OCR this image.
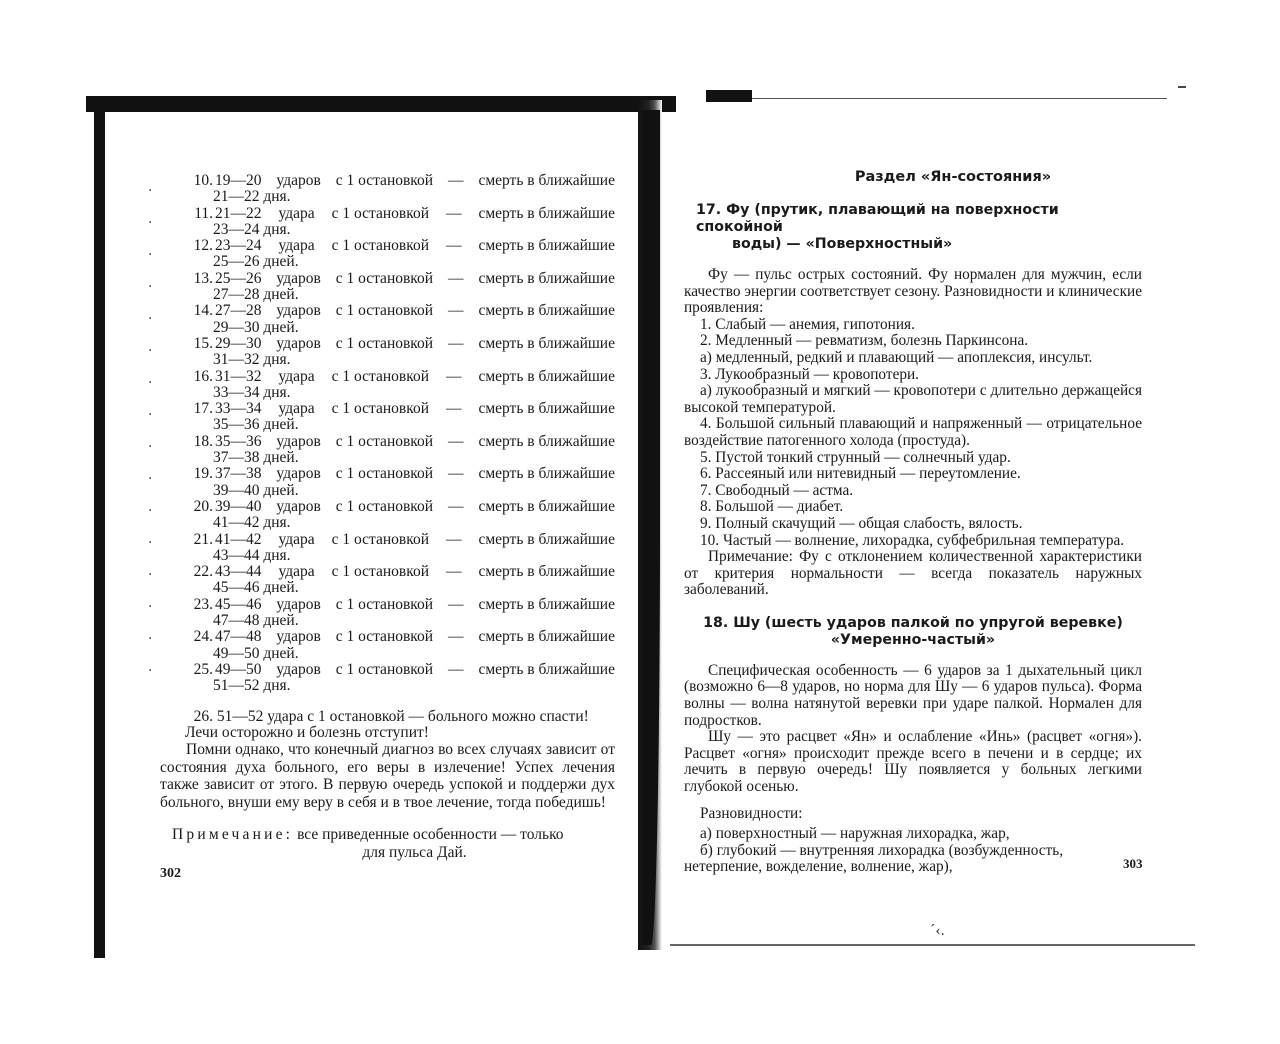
·
·
·
·
·
·
·
·
·
·
·
·
·
·
·
·
10. 19—20 ударов с 1 остановкой — смерть в ближайшие
21—22 дня.
11. 21—22 удара с 1 остановкой — смерть в ближайшие
23—24 дня.
12. 23—24 удара с 1 остановкой — смерть в ближайшие
25—26 дней.
13. 25—26 ударов с 1 остановкой — смерть в ближайшие
27—28 дней.
14. 27—28 ударов с 1 остановкой — смерть в ближайшие
29—30 дней.
15. 29—30 ударов с 1 остановкой — смерть в ближайшие
31—32 дня.
16. 31—32 удара с 1 остановкой — смерть в ближайшие
33—34 дня.
17. 33—34 удара с 1 остановкой — смерть в ближайшие
35—36 дней.
18. 35—36 ударов с 1 остановкой — смерть в ближайшие
37—38 дней.
19. 37—38 ударов с 1 остановкой — смерть в ближайшие
39—40 дней.
20. 39—40 ударов с 1 остановкой — смерть в ближайшие
41—42 дня.
21. 41—42 удара с 1 остановкой — смерть в ближайшие
43—44 дня.
22. 43—44 удара с 1 остановкой — смерть в ближайшие
45—46 дней.
23. 45—46 ударов с 1 остановкой — смерть в ближайшие
47—48 дней.
24. 47—48 ударов с 1 остановкой — смерть в ближайшие
49—50 дней.
25. 49—50 ударов с 1 остановкой — смерть в ближайшие
51—52 дня.
26. 51—52 удара с 1 остановкой — больного можно спасти! Лечи осторожно и болезнь отступит!
Помни однако, что конечный диагноз во всех случаях зависит от состояния духа больного, его веры в излечение! Успех лечения также зависит от этого. В первую очередь успокой и поддержи дух больного, внуши ему веру в себя и в твое лечение, тогда победишь!
Примечание: все приведенные особенности — только
для пульса Дай.
302
Раздел «Ян-состояния»
17. Фу (прутик, плавающий на поверхности спокойной
воды) — «Поверхностный»
Фу — пульс острых состояний. Фу нормален для мужчин, если качество энергии соответствует сезону. Разновидности и клинические проявления:
1. Слабый — анемия, гипотония.
2. Медленный — ревматизм, болезнь Паркинсона.
а) медленный, редкий и плавающий — апоплексия, инсульт.
3. Лукообразный — кровопотери.
а) лукообразный и мягкий — кровопотери с длительно держащейся высокой температурой.
4. Большой сильный плавающий и напряженный — отрицательное воздействие патогенного холода (простуда).
5. Пустой тонкий струнный — солнечный удар.
6. Рассеяный или нитевидный — переутомление.
7. Свободный — астма.
8. Большой — диабет.
9. Полный скачущий — общая слабость, вялость.
10. Частый — волнение, лихорадка, субфебрильная температура.
Примечание: Фу с отклонением количественной характеристики от критерия нормальности — всегда показатель наружных заболеваний.
18. Шу (шесть ударов палкой по упругой веревке)
«Умеренно-частый»
Специфическая особенность — 6 ударов за 1 дыхательный цикл (возможно 6—8 ударов, но норма для Шу — 6 ударов пульса). Форма волны — волна натянутой веревки при ударе палкой. Нормален для подростков.
Шу — это расцвет «Ян» и ослабление «Инь» (расцвет «огня»). Расцвет «огня» происходит прежде всего в печени и в сердце; их лечить в первую очередь! Шу появляется у больных легкими глубокой осенью.
Разновидности:
а) поверхностный — наружная лихорадка, жар,
б) глубокий — внутренняя лихорадка (возбужденность,
нетерпение, вожделение, волнение, жар),	303
ˊ‹.
